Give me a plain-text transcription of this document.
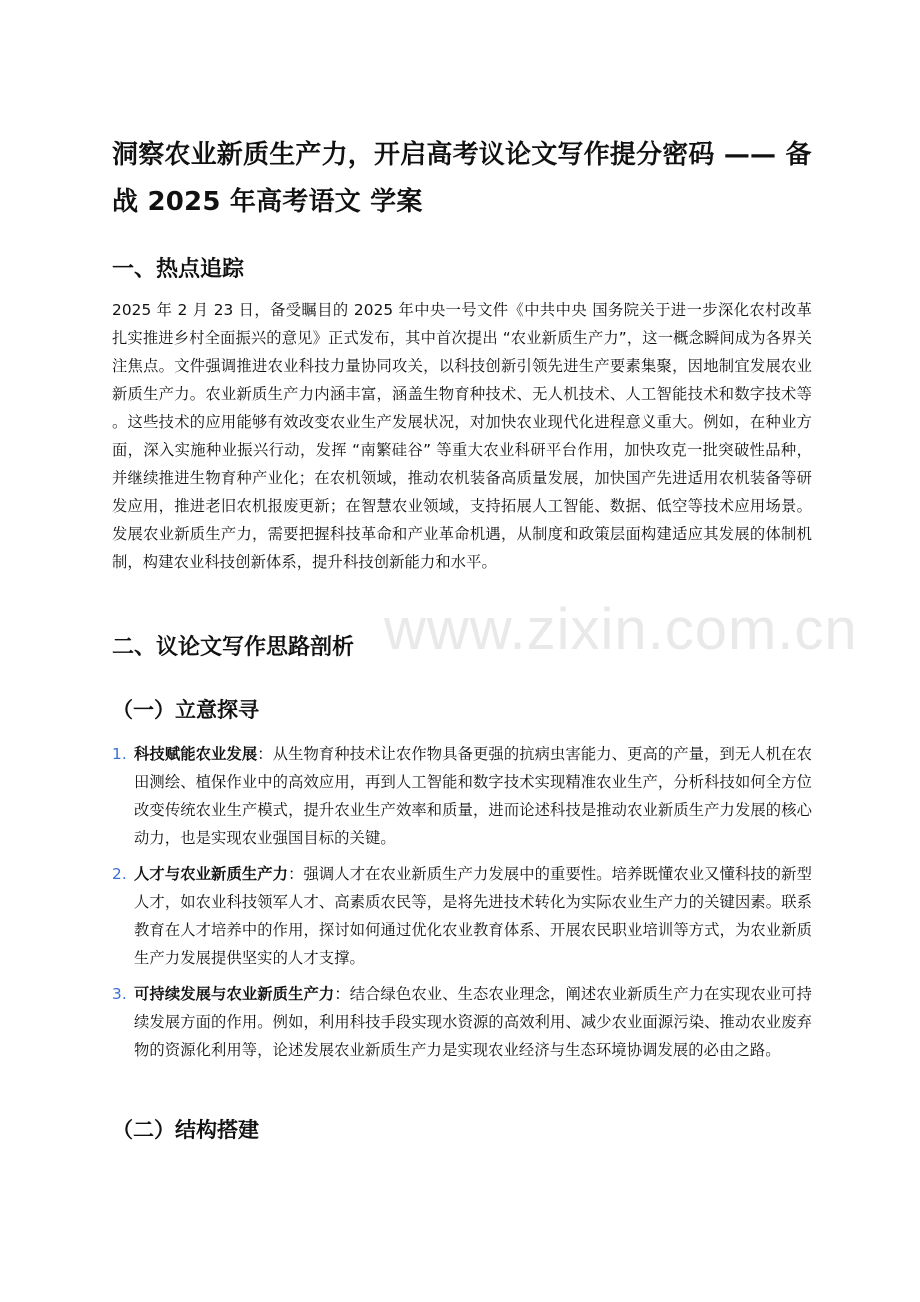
www.zixin.com.cn
洞察农业新质生产力，开启高考议论文写作提分密码 —— 备战 2025 年高考语文 学案
一、热点追踪

2025 年 2 月 23 日，备受瞩目的 2025 年中央一号文件《中共中央 国务院关于进一步深化农村改革 扎实推进乡村全面振兴的意见》正式发布，其中首次提出 “农业新质生产力”，这一概念瞬间成为各界关注焦点。文件强调推进农业科技力量协同攻关，以科技创新引领先进生产要素集聚，因地制宜发展农业新质生产力。农业新质生产力内涵丰富，涵盖生物育种技术、无人机技术、人工智能技术和数字技术等 。这些技术的应用能够有效改变农业生产发展状况，对加快农业现代化进程意义重大。例如，在种业方面，深入实施种业振兴行动，发挥 “南繁硅谷” 等重大农业科研平台作用，加快攻克一批突破性品种，并继续推进生物育种产业化；在农机领域，推动农机装备高质量发展，加快国产先进适用农机装备等研发应用，推进老旧农机报废更新；在智慧农业领域，支持拓展人工智能、数据、低空等技术应用场景。发展农业新质生产力，需要把握科技革命和产业革命机遇，从制度和政策层面构建适应其发展的体制机制，构建农业科技创新体系，提升科技创新能力和水平。

二、议论文写作思路剖析
（一）立意探寻
1. 科技赋能农业发展：从生物育种技术让农作物具备更强的抗病虫害能力、更高的产量，到无人机在农田测绘、植保作业中的高效应用，再到人工智能和数字技术实现精准农业生产，分析科技如何全方位改变传统农业生产模式，提升农业生产效率和质量，进而论述科技是推动农业新质生产力发展的核心动力，也是实现农业强国目标的关键。
2. 人才与农业新质生产力：强调人才在农业新质生产力发展中的重要性。培养既懂农业又懂科技的新型人才，如农业科技领军人才、高素质农民等，是将先进技术转化为实际农业生产力的关键因素。联系教育在人才培养中的作用，探讨如何通过优化农业教育体系、开展农民职业培训等方式，为农业新质生产力发展提供坚实的人才支撑。
3. 可持续发展与农业新质生产力：结合绿色农业、生态农业理念，阐述农业新质生产力在实现农业可持续发展方面的作用。例如，利用科技手段实现水资源的高效利用、减少农业面源污染、推动农业废弃物的资源化利用等，论述发展农业新质生产力是实现农业经济与生态环境协调发展的必由之路。
（二）结构搭建
